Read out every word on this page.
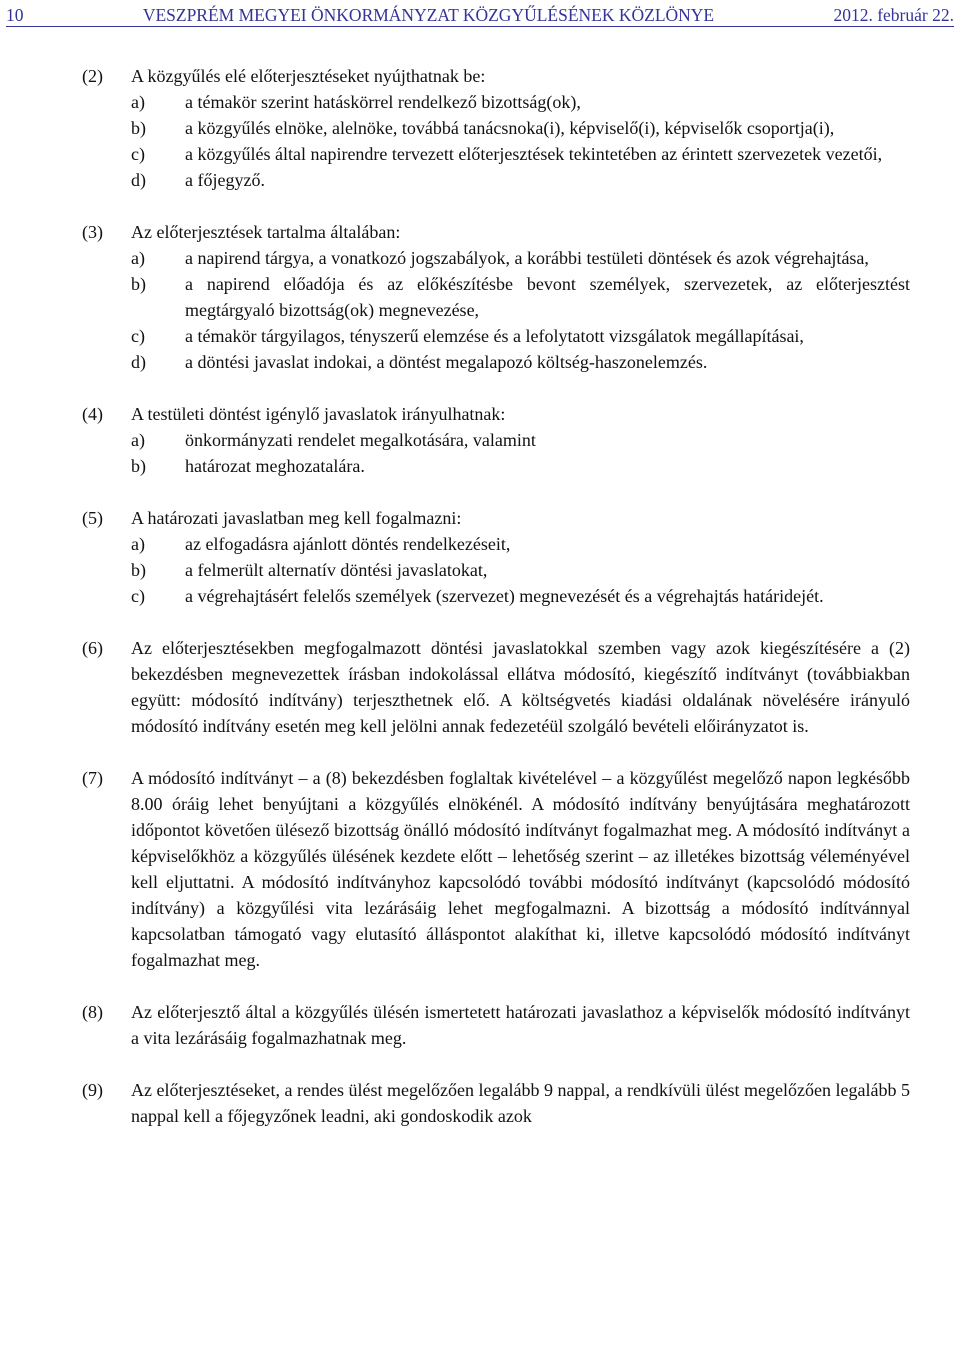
10	VESZPRÉM MEGYEI ÖNKORMÁNYZAT KÖZGYŰLÉSÉNEK KÖZLÖNYE	2012. február 22.
(2) A közgyűlés elé előterjesztéseket nyújthatnak be:
a) a témakör szerint hatáskörrel rendelkező bizottság(ok),
b) a közgyűlés elnöke, alelnöke, továbbá tanácsnoka(i), képviselő(i), képviselők csoportja(i),
c) a közgyűlés által napirendre tervezett előterjesztések tekintetében az érintett szervezetek vezetői,
d) a főjegyző.
(3) Az előterjesztések tartalma általában:
a) a napirend tárgya, a vonatkozó jogszabályok, a korábbi testületi döntések és azok végrehajtása,
b) a napirend előadója és az előkészítésbe bevont személyek, szervezetek, az előterjesztést megtárgyaló bizottság(ok) megnevezése,
c) a témakör tárgyilagos, tényszerű elemzése és a lefolytatott vizsgálatok megállapításai,
d) a döntési javaslat indokai, a döntést megalapozó költség-haszonelemzés.
(4) A testületi döntést igénylő javaslatok irányulhatnak:
a) önkormányzati rendelet megalkotására, valamint
b) határozat meghozatalára.
(5) A határozati javaslatban meg kell fogalmazni:
a) az elfogadásra ajánlott döntés rendelkezéseit,
b) a felmerült alternatív döntési javaslatokat,
c) a végrehajtásért felelős személyek (szervezet) megnevezését és a végrehajtás határidejét.
(6) Az előterjesztésekben megfogalmazott döntési javaslatokkal szemben vagy azok kiegészítésére a (2) bekezdésben megnevezettek írásban indokolással ellátva módosító, kiegészítő indítványt (továbbiakban együtt: módosító indítvány) terjeszthetnek elő. A költségvetés kiadási oldalának növelésére irányuló módosító indítvány esetén meg kell jelölni annak fedezetéül szolgáló bevételi előirányzatot is.
(7) A módosító indítványt – a (8) bekezdésben foglaltak kivételével – a közgyűlést megelőző napon legkésőbb 8.00 óráig lehet benyújtani a közgyűlés elnökénél. A módosító indítvány benyújtására meghatározott időpontot követően ülésező bizottság önálló módosító indítványt fogalmazhat meg. A módosító indítványt a képviselőkhöz a közgyűlés ülésének kezdete előtt – lehetőség szerint – az illetékes bizottság véleményével kell eljuttatni. A módosító indítványhoz kapcsolódó további módosító indítványt (kapcsolódó módosító indítvány) a közgyűlési vita lezárásáig lehet megfogalmazni. A bizottság a módosító indítvánnyal kapcsolatban támogató vagy elutasító álláspontot alakíthat ki, illetve kapcsolódó módosító indítványt fogalmazhat meg.
(8) Az előterjesztő által a közgyűlés ülésén ismertetett határozati javaslathoz a képviselők módosító indítványt a vita lezárásáig fogalmazhatnak meg.
(9) Az előterjesztéseket, a rendes ülést megelőzően legalább 9 nappal, a rendkívüli ülést megelőzően legalább 5 nappal kell a főjegyzőnek leadni, aki gondoskodik azok
